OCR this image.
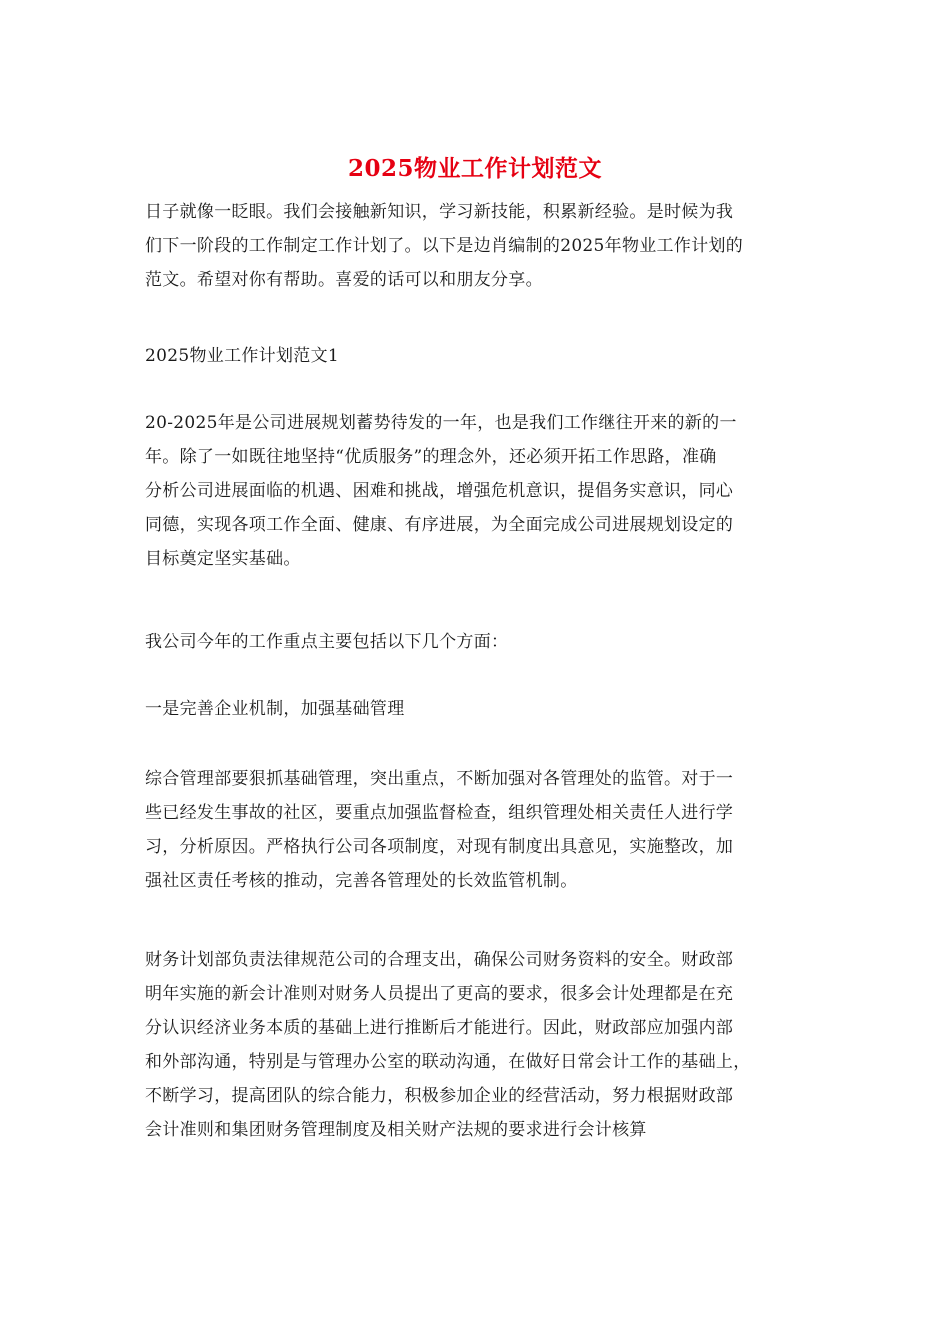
2025物业工作计划范文

日子就像一眨眼。我们会接触新知识，学习新技能，积累新经验。是时候为我
们下一阶段的工作制定工作计划了。以下是边肖编制的2025年物业工作计划的
范文。希望对你有帮助。喜爱的话可以和朋友分享。

2025物业工作计划范文1

20-2025年是公司进展规划蓄势待发的一年，也是我们工作继往开来的新的一
年。除了一如既往地坚持“优质服务”的理念外，还必须开拓工作思路，准确
分析公司进展面临的机遇、困难和挑战，增强危机意识，提倡务实意识，同心
同德，实现各项工作全面、健康、有序进展，为全面完成公司进展规划设定的
目标奠定坚实基础。

我公司今年的工作重点主要包括以下几个方面：

一是完善企业机制，加强基础管理

综合管理部要狠抓基础管理，突出重点，不断加强对各管理处的监管。对于一
些已经发生事故的社区，要重点加强监督检查，组织管理处相关责任人进行学
习，分析原因。严格执行公司各项制度，对现有制度出具意见，实施整改，加
强社区责任考核的推动，完善各管理处的长效监管机制。

财务计划部负责法律规范公司的合理支出，确保公司财务资料的安全。财政部
明年实施的新会计准则对财务人员提出了更高的要求，很多会计处理都是在充
分认识经济业务本质的基础上进行推断后才能进行。因此，财政部应加强内部
和外部沟通，特别是与管理办公室的联动沟通，在做好日常会计工作的基础上，
不断学习，提高团队的综合能力，积极参加企业的经营活动，努力根据财政部
会计准则和集团财务管理制度及相关财产法规的要求进行会计核算
